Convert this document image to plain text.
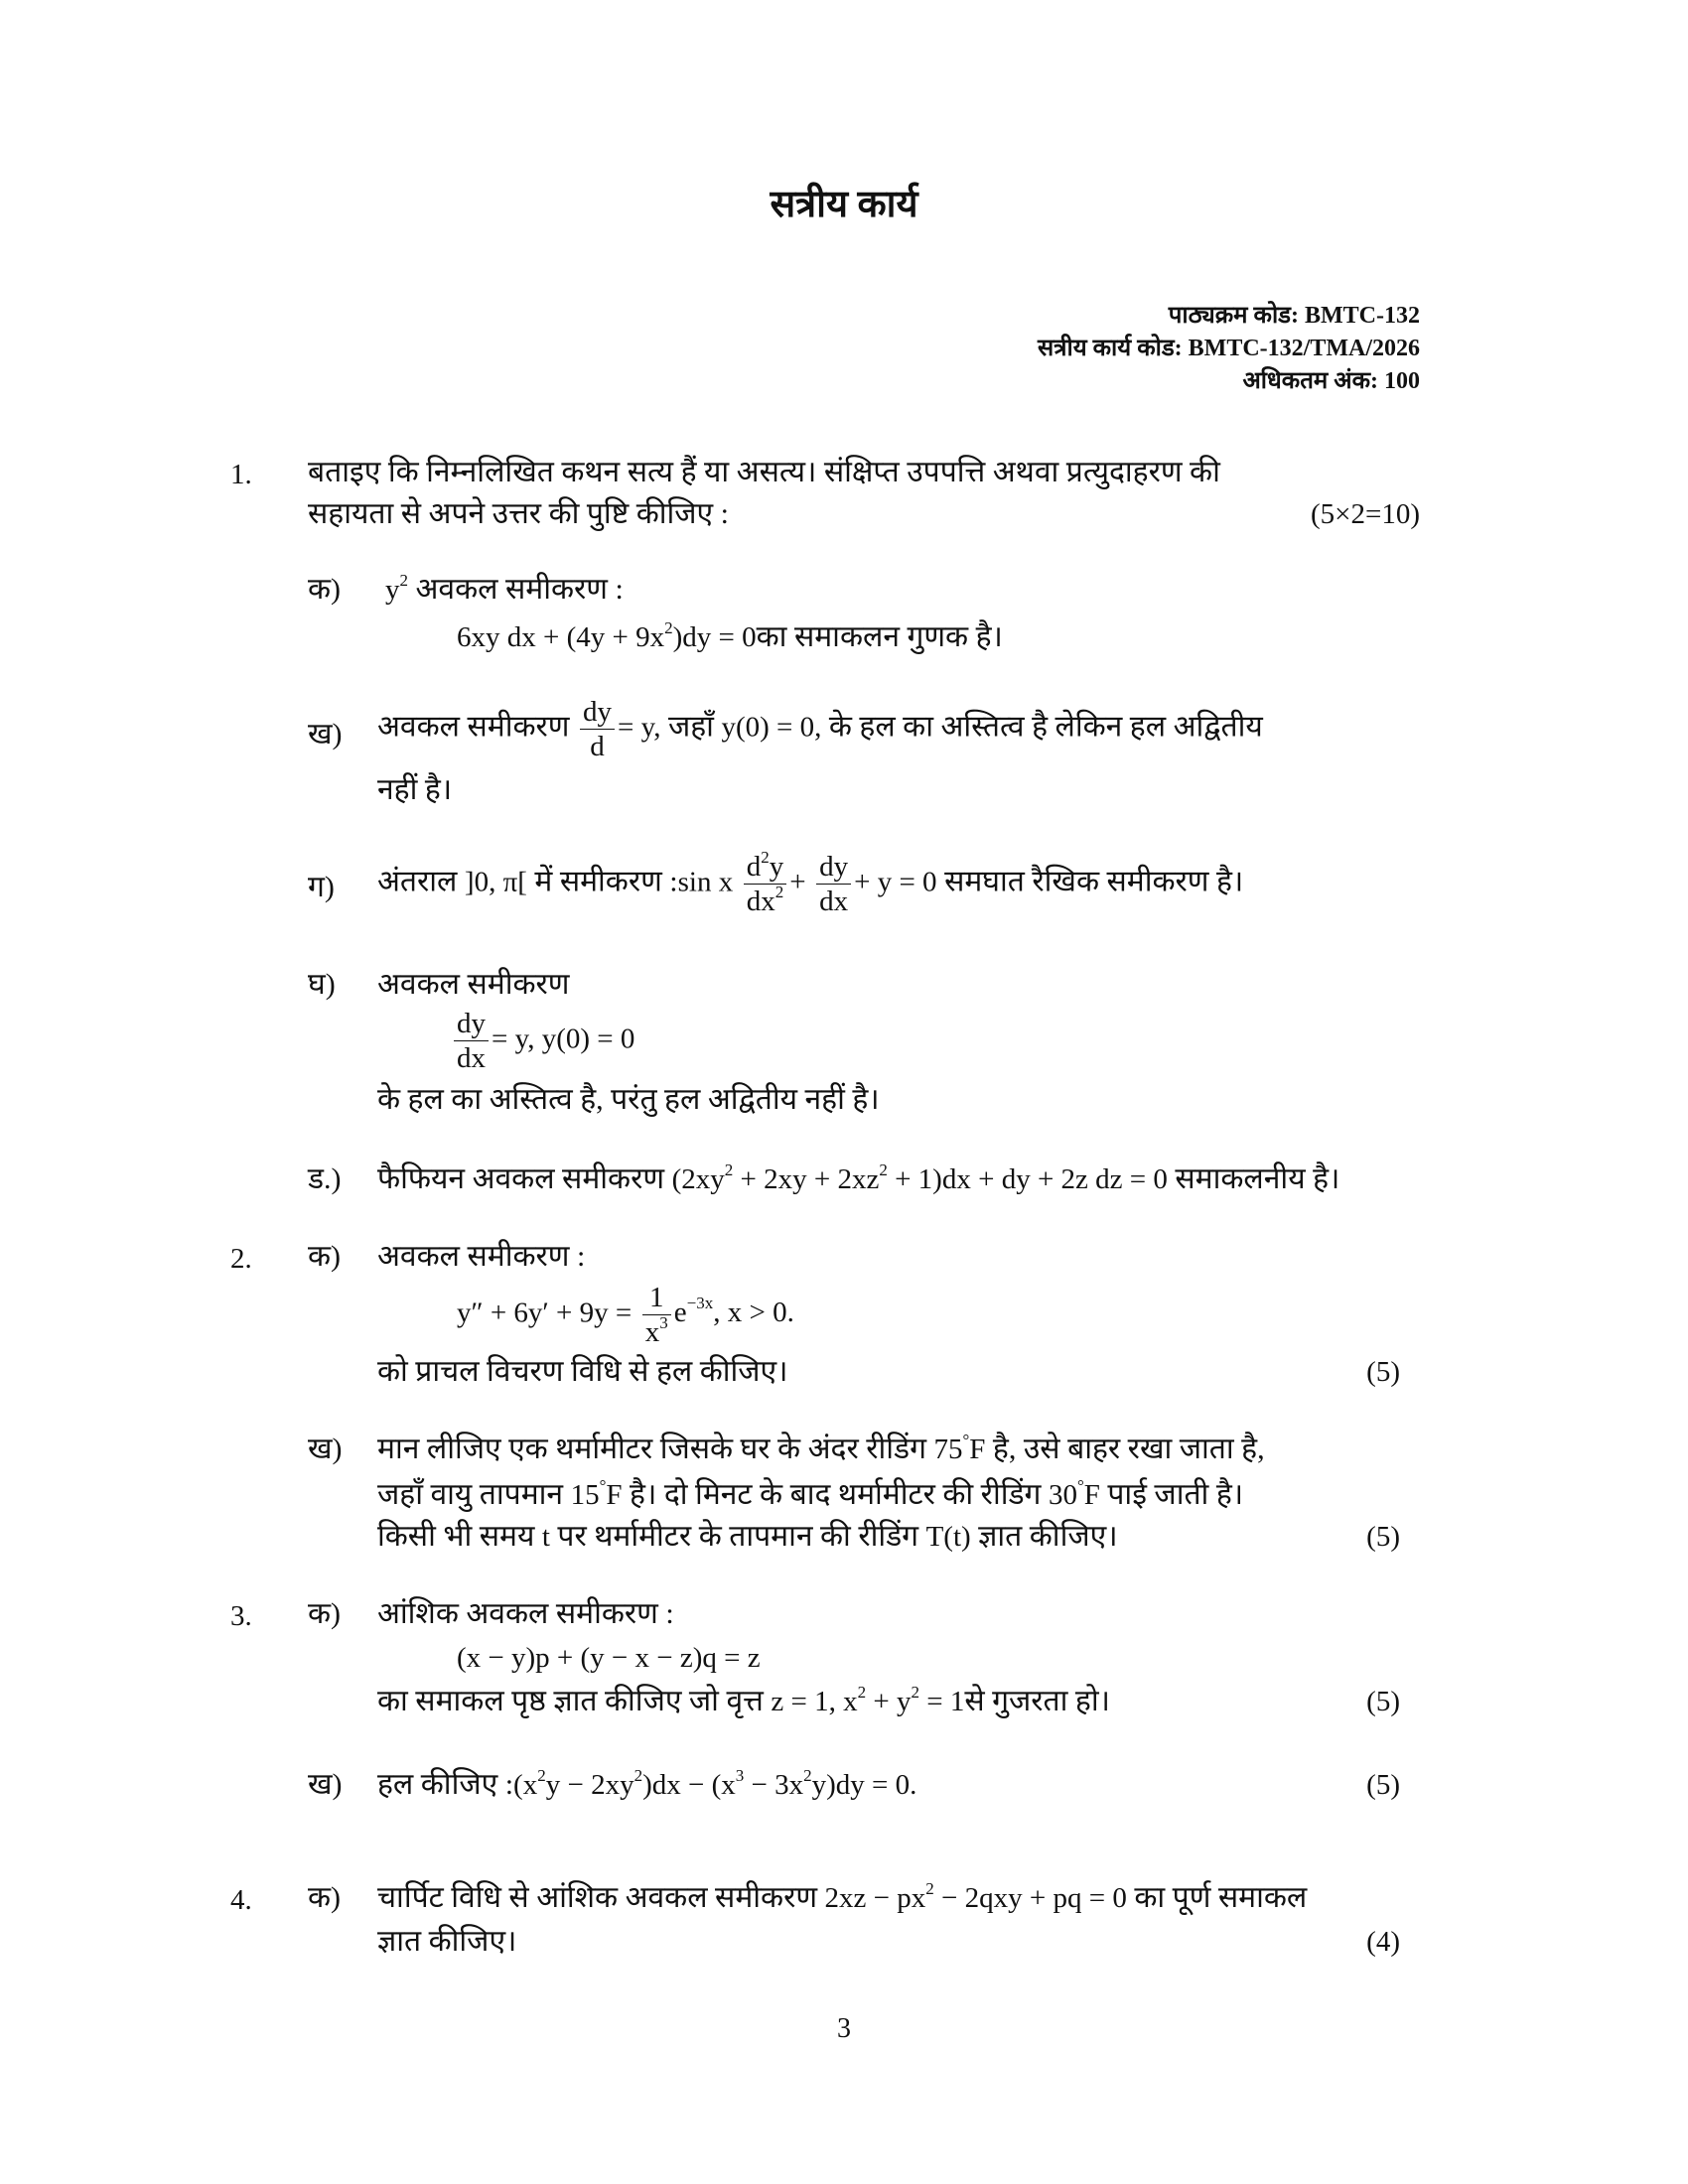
सत्रीय कार्य
पाठ्यक्रम कोड: BMTC-132
सत्रीय कार्य कोड: BMTC-132/TMA/2026
अधिकतम अंक: 100
1. बताइए कि निम्नलिखित कथन सत्य हैं या असत्य। संक्षिप्त उपपत्ति अथवा प्रत्युदाहरण की
सहायता से अपने उत्तर की पुष्टि कीजिए :	(5×2=10)
क) $y^2$ अवकल समीकरण :
6xy dx + $(4y + 9x^2)dy$ = 0का समाकलन गुणक है।
ख) अवकल समीकरण $\frac{dy}{d} = y$, जहाँ y(0) = 0, के हल का अस्तित्व है लेकिन हल अद्वितीय
नहीं है।
ग) अंतराल ]0, π[ में समीकरण :sin x $\frac{d^2y}{dx^2} + \frac{dy}{dx} + y = 0$ समघात रैखिक समीकरण है।
घ) अवकल समीकरण
$\frac{dy}{dx} = y$, y(0) = 0
के हल का अस्तित्व है, परंतु हल अद्वितीय नहीं है।
ड.) फैफियन अवकल समीकरण $(2xy^2 + 2xy + 2xz^2 + 1)dx$ + dy + 2z dz = 0 समाकलनीय है।
2. क) अवकल समीकरण :
$y'' + 6y' + 9y = \frac{1}{x^3} e^{-3x}$, x > 0.
को प्राचल विचरण विधि से हल कीजिए।	(5)
ख) मान लीजिए एक थर्मामीटर जिसके घर के अंदर रीडिंग 75°F है, उसे बाहर रखा जाता है,
जहाँ वायु तापमान 15°F है। दो मिनट के बाद थर्मामीटर की रीडिंग 30°F पाई जाती है।
किसी भी समय t पर थर्मामीटर के तापमान की रीडिंग T(t) ज्ञात कीजिए।	(5)
3. क) आंशिक अवकल समीकरण :
(x − y)p + (y − x − z)q = z
का समाकल पृष्ठ ज्ञात कीजिए जो वृत्त z = 1, $x^2 + y^2$ = 1से गुजरता हो।	(5)
ख) हल कीजिए $:(x^2y - 2xy^2)dx - (x^3 - 3x^2y)dy = 0$.	(5)
4. क) चार्पिट विधि से आंशिक अवकल समीकरण $2xz - px^2 - 2qxy$ + pq = 0 का पूर्ण समाकल
ज्ञात कीजिए।	(4)
3
